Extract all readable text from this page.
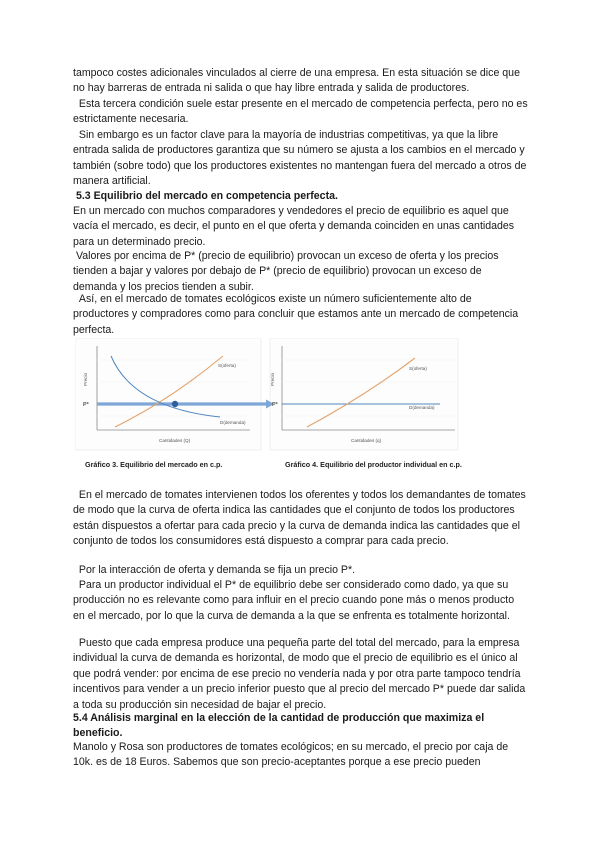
tampoco costes adicionales vinculados al cierre de una empresa. En esta situación se dice que no hay barreras de entrada ni salida o que hay libre entrada y salida de productores.

Esta tercera condición suele estar presente en el mercado de competencia perfecta, pero no es estrictamente necesaria.

Sin embargo es un factor clave para la mayoría de industrias competitivas, ya que la libre entrada salida de productores garantiza que su número se ajusta a los cambios en el mercado y también (sobre todo) que los productores existentes no mantengan fuera del mercado a otros de manera artificial.

5.3 Equilibrio del mercado en competencia perfecta.

En un mercado con muchos comparadores y vendedores el precio de equilibrio es aquel que vacía el mercado, es decir, el punto en el que oferta y demanda coinciden en unas cantidades para un determinado precio.

Valores por encima de P* (precio de equilibrio) provocan un exceso de oferta y los precios tienden a bajar y valores por debajo de P* (precio de equilibrio) provocan un exceso de demanda y los precios tienden a subir.

Así, en el mercado de tomates ecológicos existe un número suficientemente alto de productores y compradores como para concluir que estamos ante un mercado de competencia perfecta.

Precio
P*
S(oferta)
D(demanda)
Cantidades (Q)
Precio
P*
S(oferta)
D(demanda)
Cantidades (q)
Gráfico 3. Equilibrio del mercado en c.p.	Gráfico 4. Equilibrio del productor individual en c.p.

En el mercado de tomates intervienen todos los oferentes y todos los demandantes de tomates de modo que la curva de oferta indica las cantidades que el conjunto de todos los productores están dispuestos a ofertar para cada precio y la curva de demanda indica las cantidades que el conjunto de todos los consumidores está dispuesto a comprar para cada precio.

Por la interacción de oferta y demanda se fija un precio P*.

Para un productor individual el P* de equilibrio debe ser considerado como dado, ya que su producción no es relevante como para influir en el precio cuando pone más o menos producto en el mercado, por lo que la curva de demanda a la que se enfrenta es totalmente horizontal.

Puesto que cada empresa produce una pequeña parte del total del mercado, para la empresa individual la curva de demanda es horizontal, de modo que el precio de equilibrio es el único al que podrá vender: por encima de ese precio no vendería nada y por otra parte tampoco tendría incentivos para vender a un precio inferior puesto que al precio del mercado P* puede dar salida a toda su producción sin necesidad de bajar el precio.

5.4 Análisis marginal en la elección de la cantidad de producción que maximiza el beneficio.

Manolo y Rosa son productores de tomates ecológicos; en su mercado, el precio por caja de 10k. es de 18 Euros. Sabemos que son precio-aceptantes porque a ese precio pueden
